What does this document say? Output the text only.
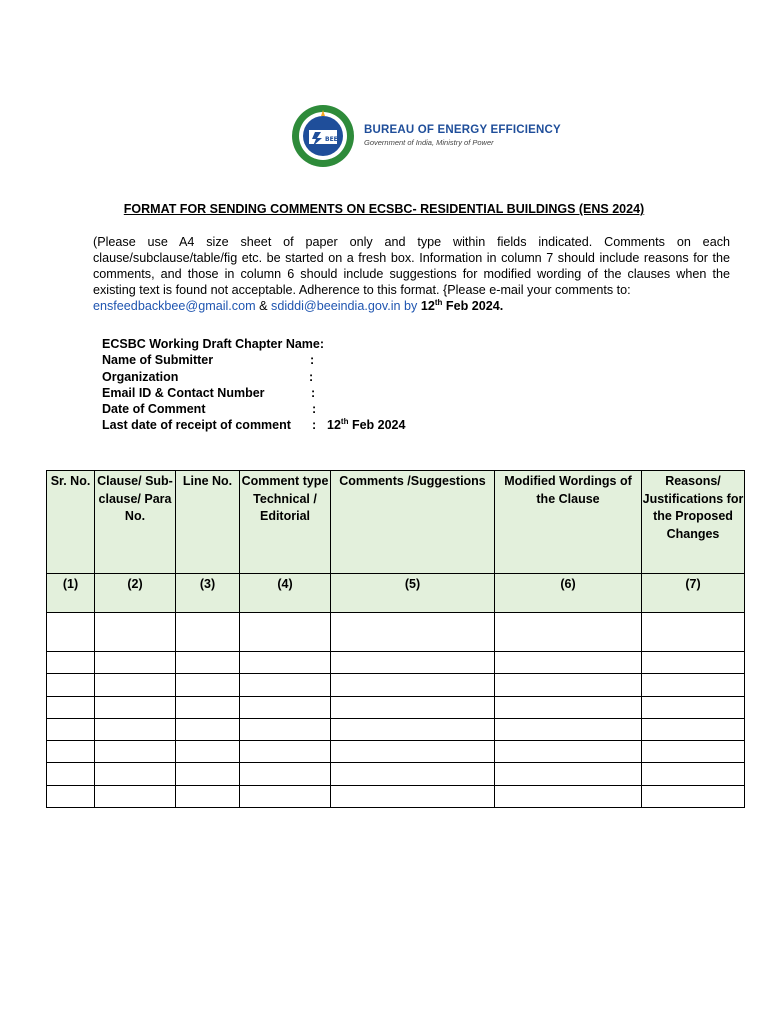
BEE
BUREAU OF ENERGY EFFICIENCY
Government of India, Ministry of Power
FORMAT FOR SENDING COMMENTS ON ECSBC- RESIDENTIAL BUILDINGS (ENS 2024)
(Please use A4 size sheet of paper only and type within fields indicated. Comments on each clause/subclause/table/fig etc. be started on a fresh box. Information in column 7 should include reasons for the comments, and those in column 6 should include suggestions for modified wording of the clauses when the existing text is found not acceptable. Adherence to this format. {Please e-mail your comments to:
ensfeedbackbee@gmail.com & sdiddi@beeindia.gov.in by 12th Feb 2024.
ECSBC Working Draft Chapter Name:
Name of Submitter	:
Organization	:
Email ID & Contact Number	:
Date of Comment	:
Last date of receipt of comment : 12th Feb 2024
Sr. No.	Clause/ Sub-clause/ Para No.	Line No.	Comment type Technical / Editorial	Comments /Suggestions	Modified Wordings of the Clause	Reasons/ Justifications for the Proposed Changes
(1)	(2)	(3)	(4)	(5)	(6)	(7)
